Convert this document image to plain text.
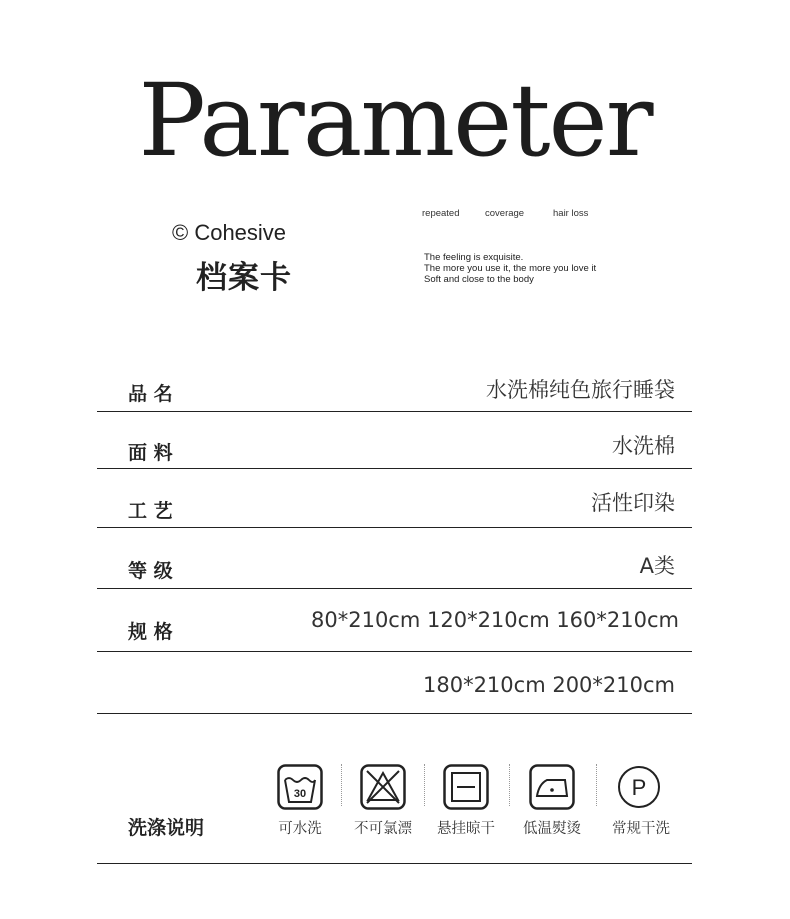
Parameter
© Cohesive
档案卡
repeated	coverage	hair loss
The feeling is exquisite.
The more you use it, the more you love it
Soft and close to the body
品 名	水洗棉纯色旅行睡袋
面 料	水洗棉
工 艺	活性印染
等 级	A类
规 格	80*210cm 120*210cm 160*210cm
180*210cm 200*210cm
洗涤说明
30
可水洗	不可氯漂	悬挂晾干	低温熨烫
P
常规干洗
